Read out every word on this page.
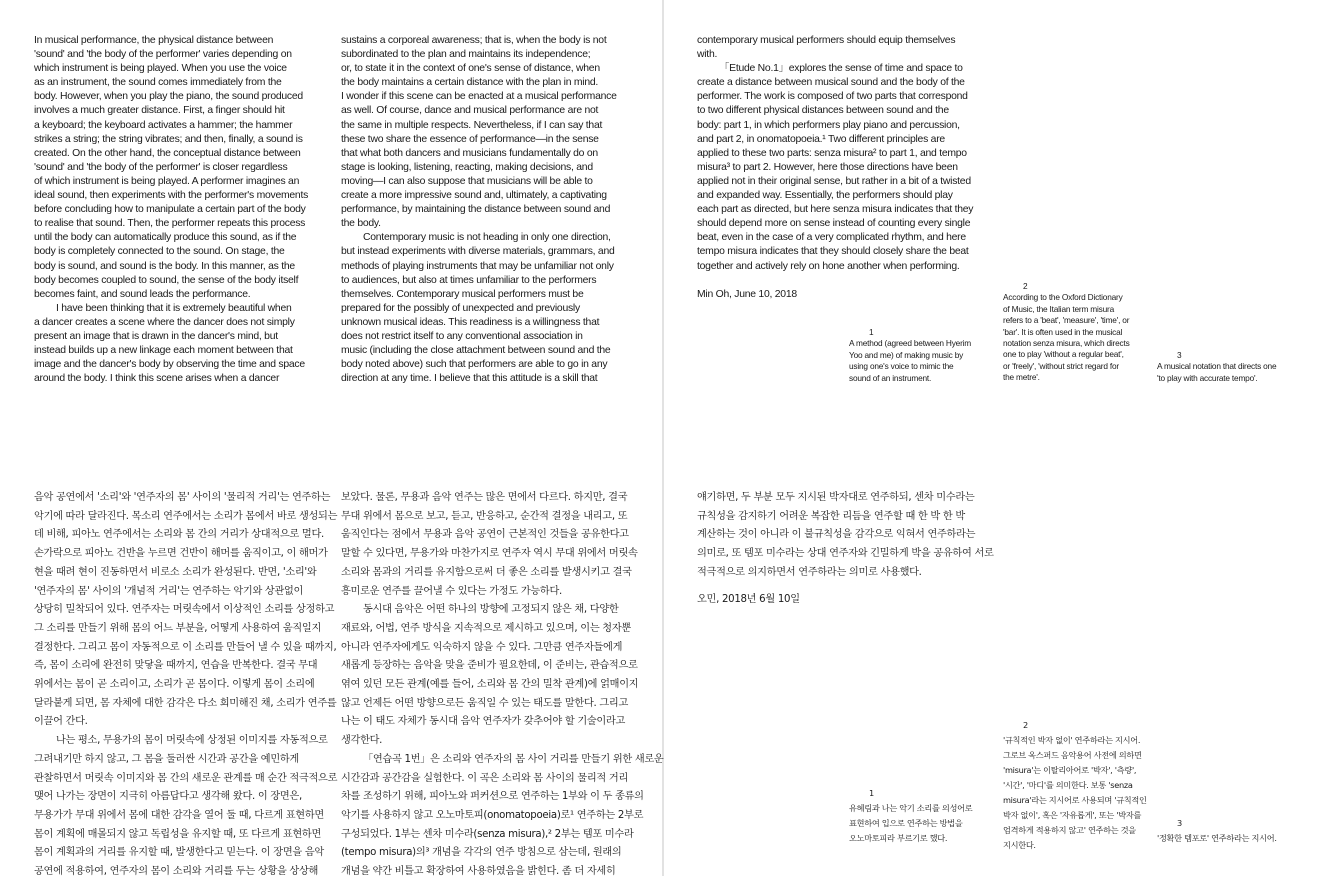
In musical performance, the physical distance between
'sound' and 'the body of the performer' varies depending on
which instrument is being played. When you use the voice
as an instrument, the sound comes immediately from the
body. However, when you play the piano, the sound produced
involves a much greater distance. First, a finger should hit
a keyboard; the keyboard activates a hammer; the hammer
strikes a string; the string vibrates; and then, finally, a sound is
created. On the other hand, the conceptual distance between
'sound' and 'the body of the performer' is closer regardless
of which instrument is being played. A performer imagines an
ideal sound, then experiments with the performer's movements
before concluding how to manipulate a certain part of the body
to realise that sound. Then, the performer repeats this process
until the body can automatically produce this sound, as if the
body is completely connected to the sound. On stage, the
body is sound, and sound is the body. In this manner, as the
body becomes coupled to sound, the sense of the body itself
becomes faint, and sound leads the performance.
I have been thinking that it is extremely beautiful when
a dancer creates a scene where the dancer does not simply
present an image that is drawn in the dancer's mind, but
instead builds up a new linkage each moment between that
image and the dancer's body by observing the time and space
around the body. I think this scene arises when a dancer
sustains a corporeal awareness; that is, when the body is not
subordinated to the plan and maintains its independence;
or, to state it in the context of one's sense of distance, when
the body maintains a certain distance with the plan in mind.
I wonder if this scene can be enacted at a musical performance
as well. Of course, dance and musical performance are not
the same in multiple respects. Nevertheless, if I can say that
these two share the essence of performance—in the sense
that what both dancers and musicians fundamentally do on
stage is looking, listening, reacting, making decisions, and
moving—I can also suppose that musicians will be able to
create a more impressive sound and, ultimately, a captivating
performance, by maintaining the distance between sound and
the body.
Contemporary music is not heading in only one direction,
but instead experiments with diverse materials, grammars, and
methods of playing instruments that may be unfamiliar not only
to audiences, but also at times unfamiliar to the performers
themselves. Contemporary musical performers must be
prepared for the possibly of unexpected and previously
unknown musical ideas. This readiness is a willingness that
does not restrict itself to any conventional association in
music (including the close attachment between sound and the
body noted above) such that performers are able to go in any
direction at any time. I believe that this attitude is a skill that
contemporary musical performers should equip themselves
with.
「Etude No.1」explores the sense of time and space to
create a distance between musical sound and the body of the
performer. The work is composed of two parts that correspond
to two different physical distances between sound and the
body: part 1, in which performers play piano and percussion,
and part 2, in onomatopoeia.¹ Two different principles are
applied to these two parts: senza misura² to part 1, and tempo
misura³ to part 2. However, here those directions have been
applied not in their original sense, but rather in a bit of a twisted
and expanded way. Essentially, the performers should play
each part as directed, but here senza misura indicates that they
should depend more on sense instead of counting every single
beat, even in the case of a very complicated rhythm, and here
tempo misura indicates that they should closely share the beat
together and actively rely on hone another when performing.
Min Oh, June 10, 2018
1
A method (agreed between Hyerim
Yoo and me) of making music by
using one's voice to mimic the
sound of an instrument.
2
According to the Oxford Dictionary
of Music, the Italian term misura
refers to a 'beat', 'measure', 'time', or
'bar'. It is often used in the musical
notation senza misura, which directs
one to play 'without a regular beat',
or 'freely', 'without strict regard for
the metre'.
3
A musical notation that directs one
'to play with accurate tempo'.
음악 공연에서 '소리'와 '연주자의 몸' 사이의 '물리적 거리'는 연주하는
악기에 따라 달라진다. 목소리 연주에서는 소리가 몸에서 바로 생성되는
데 비해, 피아노 연주에서는 소리와 몸 간의 거리가 상대적으로 멀다.
손가락으로 피아노 건반을 누르면 건반이 해머를 움직이고, 이 해머가
현을 때려 현이 진동하면서 비로소 소리가 완성된다. 반면, '소리'와
'연주자의 몸' 사이의 '개념적 거리'는 연주하는 악기와 상관없이
상당히 밀착되어 있다. 연주자는 머릿속에서 이상적인 소리를 상정하고
그 소리를 만들기 위해 몸의 어느 부분을, 어떻게 사용하여 움직일지
결정한다. 그리고 몸이 자동적으로 이 소리를 만들어 낼 수 있을 때까지,
즉, 몸이 소리에 완전히 맞닿을 때까지, 연습을 반복한다. 결국 무대
위에서는 몸이 곧 소리이고, 소리가 곧 몸이다. 이렇게 몸이 소리에
달라붙게 되면, 몸 자체에 대한 감각은 다소 희미해진 채, 소리가 연주를
이끌어 간다.
나는 평소, 무용가의 몸이 머릿속에 상정된 이미지를 자동적으로
그려내기만 하지 않고, 그 몸을 둘러싼 시간과 공간을 예민하게
관찰하면서 머릿속 이미지와 몸 간의 새로운 관계를 매 순간 적극적으로
맺어 나가는 장면이 지극히 아름답다고 생각해 왔다. 이 장면은,
무용가가 무대 위에서 몸에 대한 감각을 열어 둘 때, 다르게 표현하면
몸이 계획에 매몰되지 않고 독립성을 유지할 때, 또 다르게 표현하면
몸이 계획과의 거리를 유지할 때, 발생한다고 믿는다. 이 장면을 음악
공연에 적용하여, 연주자의 몸이 소리와 거리를 두는 상황을 상상해
보았다. 물론, 무용과 음악 연주는 많은 면에서 다르다. 하지만, 결국
무대 위에서 몸으로 보고, 듣고, 반응하고, 순간적 결정을 내리고, 또
움직인다는 점에서 무용과 음악 공연이 근본적인 것들을 공유한다고
말할 수 있다면, 무용가와 마찬가지로 연주자 역시 무대 위에서 머릿속
소리와 몸과의 거리를 유지함으로써 더 좋은 소리를 발생시키고 결국
흥미로운 연주를 끌어낼 수 있다는 가정도 가능하다.
동시대 음악은 어떤 하나의 방향에 고정되지 않은 채, 다양한
재료와, 어법, 연주 방식을 지속적으로 제시하고 있으며, 이는 청자뿐
아니라 연주자에게도 익숙하지 않을 수 있다. 그만큼 연주자들에게
새롭게 등장하는 음악을 맞을 준비가 필요한데, 이 준비는, 관습적으로
엮여 있던 모든 관계(예를 들어, 소리와 몸 간의 밀착 관계)에 얽매이지
않고 언제든 어떤 방향으로든 움직일 수 있는 태도를 말한다. 그리고
나는 이 태도 자체가 동시대 음악 연주자가 갖추어야 할 기술이라고
생각한다.
「연습곡 1번」은 소리와 연주자의 몸 사이 거리를 만들기 위한 새로운
시간감과 공간감을 실험한다. 이 곡은 소리와 몸 사이의 물리적 거리
차를 조성하기 위해, 피아노와 퍼커션으로 연주하는 1부와 이 두 종류의
악기를 사용하지 않고 오노마토피(onomatopoeia)로¹ 연주하는 2부로
구성되었다. 1부는 센차 미수라(senza misura),² 2부는 템포 미수라
(tempo misura)의³ 개념을 각각의 연주 방침으로 삼는데, 원래의
개념을 약간 비틀고 확장하여 사용하였음을 밝힌다. 좀 더 자세히
얘기하면, 두 부분 모두 지시된 박자대로 연주하되, 센차 미수라는
규칙성을 감지하기 어려운 복잡한 리듬을 연주할 때 한 박 한 박
계산하는 것이 아니라 이 불규칙성을 감각으로 익혀서 연주하라는
의미로, 또 템포 미수라는 상대 연주자와 긴밀하게 박을 공유하여 서로
적극적으로 의지하면서 연주하라는 의미로 사용했다.
오민, 2018년 6월 10일
1
유혜림과 나는 악기 소리를 의성어로
표현하여 입으로 연주하는 방법을
오노마토피라 부르기로 했다.
2
'규칙적인 박자 없이' 연주하라는 지시어.
그로브 옥스퍼드 음악용어 사전에 의하면
'misura'는 이탈리아어로 '박자', '측량',
'시간', '마디'를 의미한다. 보통 'senza
misura'라는 지시어로 사용되며 '규칙적인
박자 없이', 혹은 '자유롭게', 또는 '박자를
엄격하게 적용하지 않고' 연주하는 것을
지시한다.
3
'정확한 템포로' 연주하라는 지시어.
